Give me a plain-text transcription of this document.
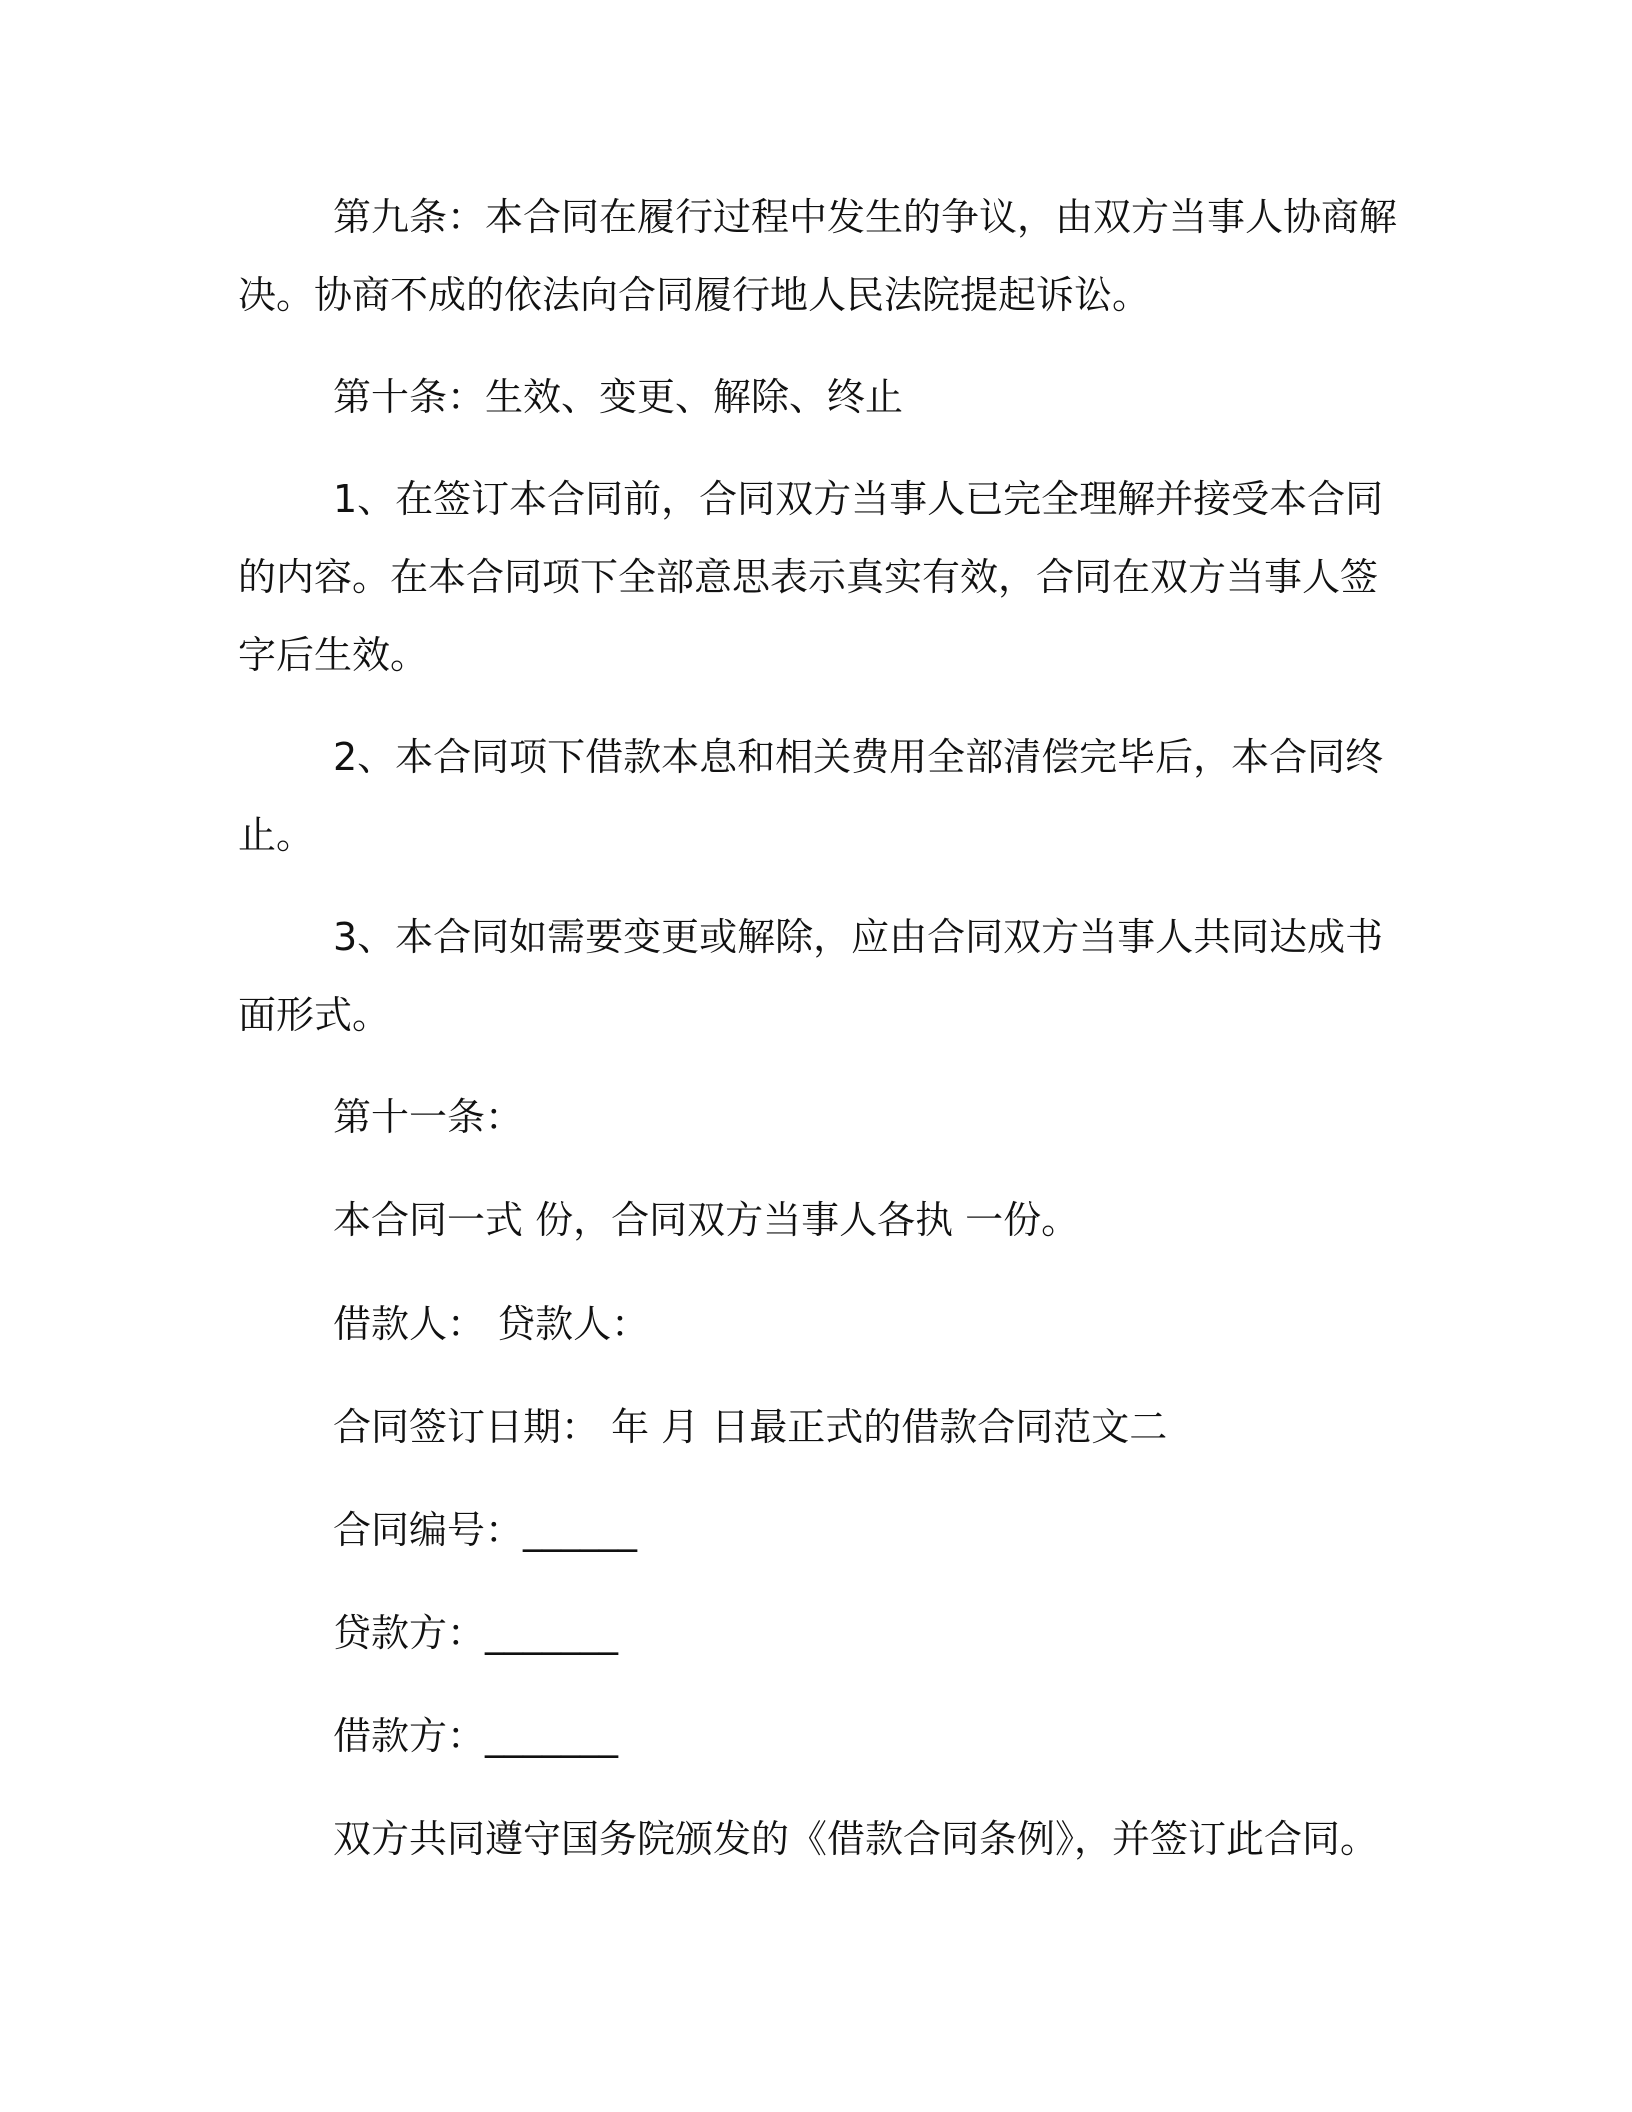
第九条：本合同在履行过程中发生的争议，由双方当事人协商解
决。协商不成的依法向合同履行地人民法院提起诉讼。
第十条：生效、变更、解除、终止
1、在签订本合同前，合同双方当事人已完全理解并接受本合同
的内容。在本合同项下全部意思表示真实有效，合同在双方当事人签
字后生效。
2、本合同项下借款本息和相关费用全部清偿完毕后，本合同终
止。
3、本合同如需要变更或解除，应由合同双方当事人共同达成书
面形式。
第十一条：
本合同一式 份，合同双方当事人各执 一份。
借款人： 贷款人：
合同签订日期： 年 月 日最正式的借款合同范文二
合同编号：______
贷款方：_______
借款方：_______
双方共同遵守国务院颁发的《借款合同条例》，并签订此合同。
